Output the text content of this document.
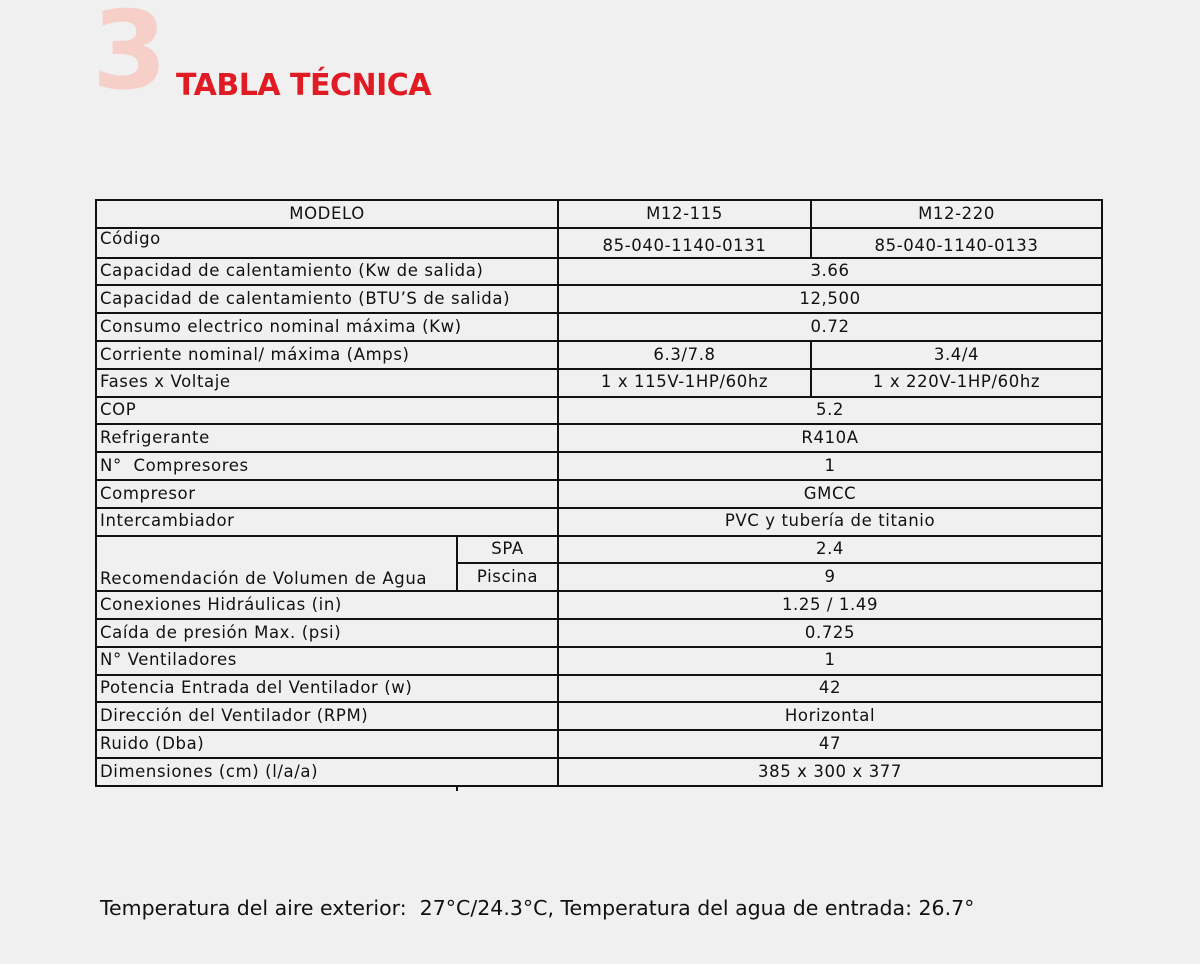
3 TABLA TÉCNICA
MODELO		M12-115	M12-220
Código		85-040-1140-0131	85-040-1140-0133
Capacidad de calentamiento (Kw de salida)		3.66	
Capacidad de calentamiento (BTU’S de salida)		12,500	
Consumo electrico nominal máxima (Kw)		0.72	
Corriente nominal/ máxima (Amps)		6.3/7.8	3.4/4
Fases x Voltaje		1 x 115V-1HP/60hz	1 x 220V-1HP/60hz
COP		5.2	
Refrigerante		R410A	
N°  Compresores		1	
Compresor		GMCC	
Intercambiador		PVC y tubería de titanio	
Recomendación de Volumen de Agua	SPA	2.4	
	Piscina	9	
Conexiones Hidráulicas (in)		1.25 / 1.49	
Caída de presión Max. (psi)		0.725	
N° Ventiladores		1	
Potencia Entrada del Ventilador (w)		42	
Dirección del Ventilador (RPM)		Horizontal	
Ruido (Dba)		47	
Dimensiones (cm) (l/a/a)		385 x 300 x 377	

Temperatura del aire exterior:  27°C/24.3°C, Temperatura del agua de entrada: 26.7°
